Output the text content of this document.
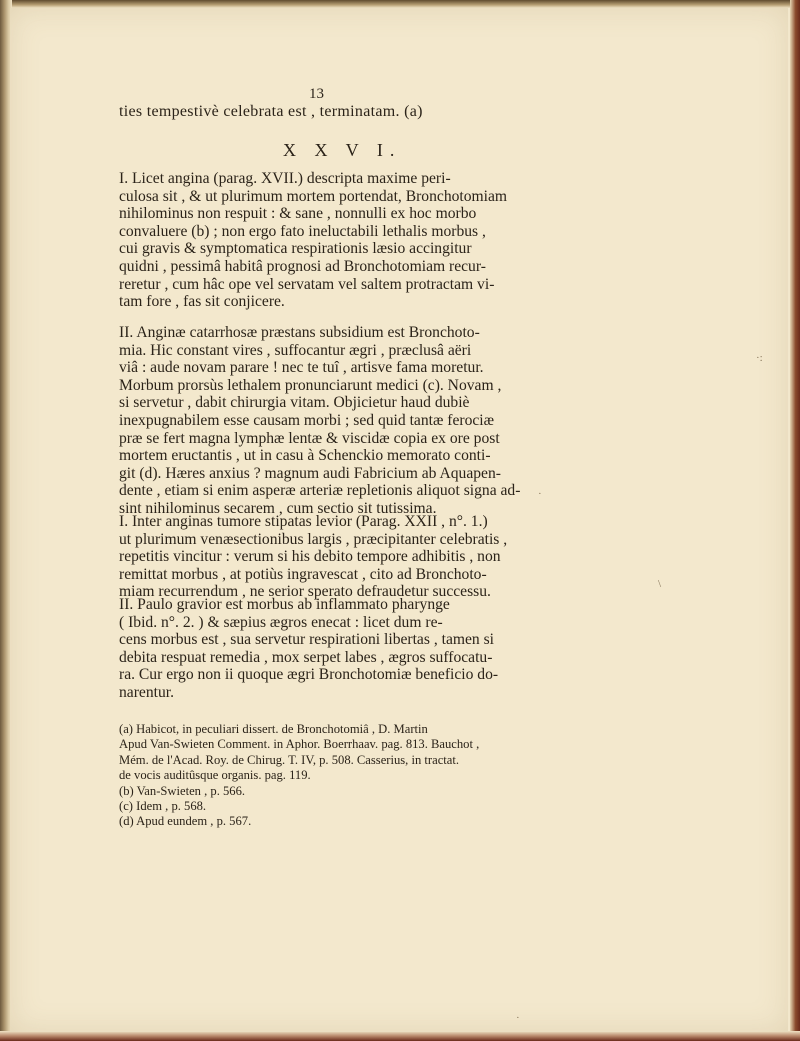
13
ties tempestivè celebrata est , terminatam. (a)
X X V I.
I. Licet angina (parag. XVII.) descripta maxime peri-
culosa sit , & ut plurimum mortem portendat, Bronchotomiam
nihilominus non respuit : & sane , nonnulli ex hoc morbo
convaluere (b) ; non ergo fato ineluctabili lethalis morbus ,
cui gravis & symptomatica respirationis læsio accingitur
quidni , pessimâ habitâ prognosi ad Bronchotomiam recur-
reretur , cum hâc ope vel servatam vel saltem protractam vi-
tam fore , fas sit conjicere.
II. Anginæ catarrhosæ præstans subsidium est Bronchoto-
mia. Hic constant vires , suffocantur ægri , præclusâ aëri
viâ : aude novam parare ! nec te tuî , artisve fama moretur.
Morbum prorsùs lethalem pronunciarunt medici (c). Novam ,
si servetur , dabit chirurgia vitam. Objicietur haud dubiè
inexpugnabilem esse causam morbi ; sed quid tantæ ferociæ
præ se fert magna lymphæ lentæ & viscidæ copia ex ore post
mortem eructantis , ut in casu à Schenckio memorato conti-
git (d). Hæres anxius ? magnum audi Fabricium ab Aquapen-
dente , etiam si enim asperæ arteriæ repletionis aliquot signa ad-
sint nihilominus secarem , cum sectio sit tutissima.
I. Inter anginas tumore stipatas levior (Parag. XXII , n°. 1.)
ut plurimum venæsectionibus largis , præcipitanter celebratis ,
repetitis vincitur : verum si his debito tempore adhibitis , non
remittat morbus , at potiùs ingravescat , cito ad Bronchoto-
miam recurrendum , ne serior sperato defraudetur successu.
II. Paulo gravior est morbus ab inflammato pharynge
( Ibid. n°. 2. ) & sæpius ægros enecat : licet dum re-
cens morbus est , sua servetur respirationi libertas , tamen si
debita respuat remedia , mox serpet labes , ægros suffocatu-
ra. Cur ergo non ii quoque ægri Bronchotomiæ beneficio do-
narentur.
(a) Habicot, in peculiari dissert. de Bronchotomiâ , D. Martin
Apud Van-Swieten Comment. in Aphor. Boerrhaav. pag. 813. Bauchot ,
Mém. de l'Acad. Roy. de Chirug. T. IV, p. 508. Casserius, in tractat.
de vocis auditûsque organis. pag. 119.
(b) Van-Swieten , p. 566.
(c) Idem , p. 568.
(d) Apud eundem , p. 567.
·:
\
·
·
